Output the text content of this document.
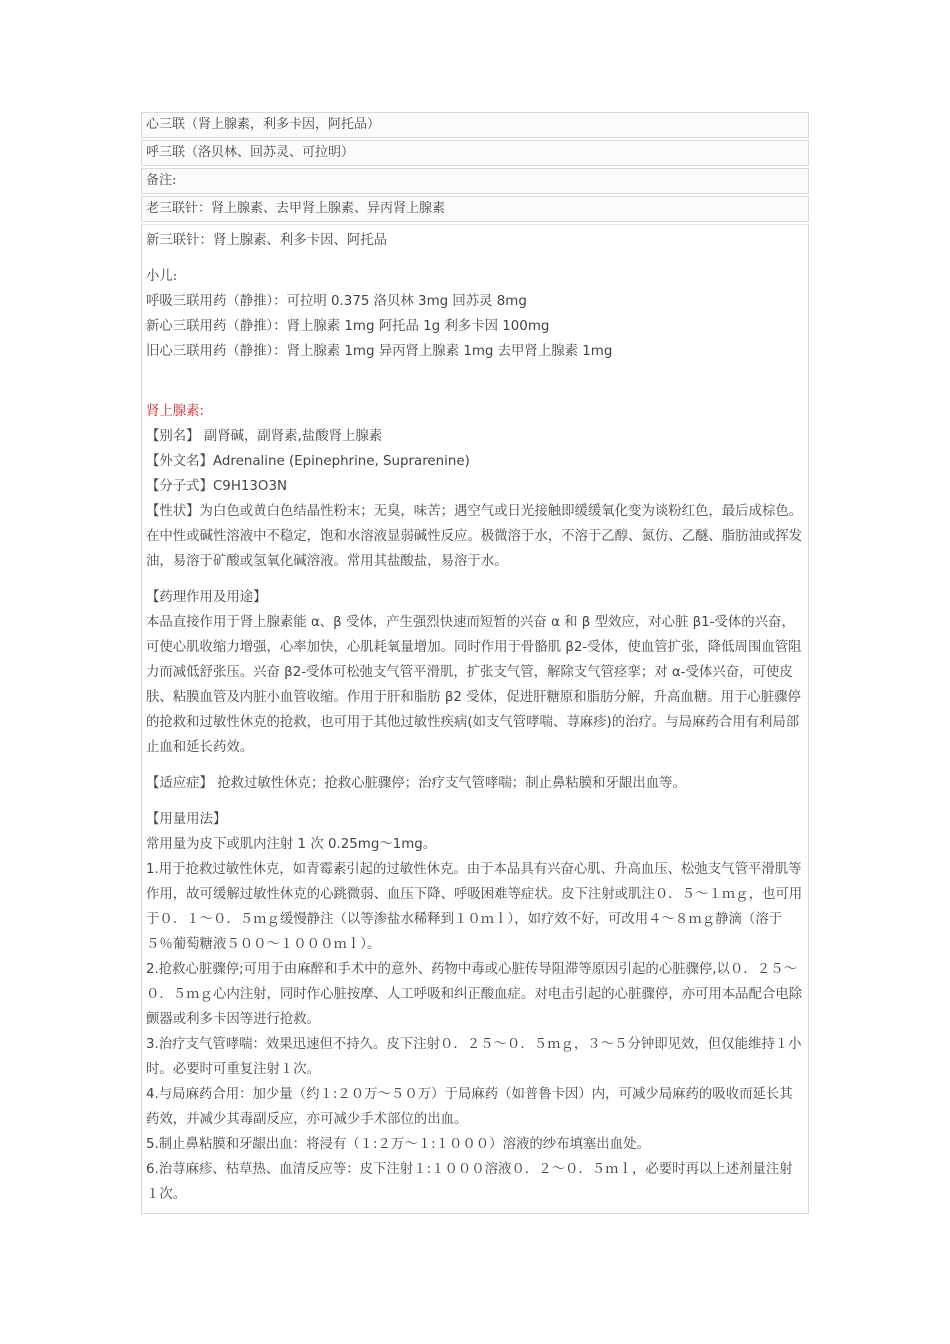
心三联（肾上腺素，利多卡因，阿托品）
呼三联（洛贝林、回苏灵、可拉明）
备注:
老三联针：肾上腺素、去甲肾上腺素、异丙肾上腺素

新三联针：肾上腺素、利多卡因、阿托品

小儿:

呼吸三联用药（静推）：可拉明 0.375 洛贝林 3mg 回苏灵 8mg

新心三联用药（静推）：肾上腺素 1mg 阿托品 1g 利多卡因 100mg

旧心三联用药（静推）：肾上腺素 1mg 异丙肾上腺素 1mg 去甲肾上腺素 1mg

肾上腺素:

【别名】 副肾碱，副肾素,盐酸肾上腺素

【外文名】Adrenaline (Epinephrine, Suprarenine)

【分子式】C9H13O3N

【性状】为白色或黄白色结晶性粉末；无臭，味苦；遇空气或日光接触即缓缓氧化变为谈粉红色，最后成棕色。在中性或碱性溶液中不稳定，饱和水溶液显弱碱性反应。极微溶于水，不溶于乙醇、氮仿、乙醚、脂肪油或挥发油，易溶于矿酸或氢氧化碱溶液。常用其盐酸盐，易溶于水。

【药理作用及用途】

本品直接作用于肾上腺素能 α、β 受体，产生强烈快速而短暂的兴奋 α 和 β 型效应，对心脏 β1-受体的兴奋，可使心肌收缩力增强，心率加快，心肌耗氧量增加。同时作用于骨骼肌 β2-受体，使血管扩张，降低周围血管阻力而减低舒张压。兴奋 β2-受体可松弛支气管平滑肌，扩张支气管，解除支气管痉挛；对 α-受体兴奋，可使皮肤、粘膜血管及内脏小血管收缩。作用于肝和脂肪 β2 受体，促进肝糖原和脂肪分解，升高血糖。用于心脏骤停的抢救和过敏性休克的抢救，也可用于其他过敏性疾病(如支气管哮喘、荨麻疹)的治疗。与局麻药合用有利局部止血和延长药效。

【适应症】 抢救过敏性休克；抢救心脏骤停；治疗支气管哮喘；制止鼻粘膜和牙龈出血等。

【用量用法】

常用量为皮下或肌内注射 1 次 0.25mg～1mg。

1.用于抢救过敏性休克，如青霉素引起的过敏性休克。由于本品具有兴奋心肌、升高血压、松弛支气管平滑肌等作用，故可缓解过敏性休克的心跳微弱、血压下降、呼吸困难等症状。皮下注射或肌注０．５～１ｍｇ，也可用于０．１～０．５ｍｇ缓慢静注（以等渗盐水稀释到１０ｍｌ），如疗效不好，可改用４～８ｍｇ静滴（溶于５％葡萄糖液５００～１０００ｍｌ）。

2.抢救心脏骤停;可用于由麻醉和手术中的意外、药物中毒或心脏传导阻滞等原因引起的心脏骤停,以０．２５～０．５ｍｇ心内注射，同时作心脏按摩、人工呼吸和纠正酸血症。对电击引起的心脏骤停，亦可用本品配合电除颤器或利多卡因等进行抢救。

3.治疗支气管哮喘：效果迅速但不持久。皮下注射０．２５～０．５ｍｇ，３～５分钟即见效，但仅能维持１小时。必要时可重复注射１次。

4.与局麻药合用：加少量（约１:２０万～５０万）于局麻药（如普鲁卡因）内，可减少局麻药的吸收而延长其药效，并减少其毒副反应，亦可减少手术部位的出血。

5.制止鼻粘膜和牙龈出血：将浸有（１:２万～１:１０００）溶液的纱布填塞出血处。

6.治荨麻疹、枯草热、血清反应等：皮下注射１:１０００溶液０．２～０．５ｍｌ，必要时再以上述剂量注射１次。
